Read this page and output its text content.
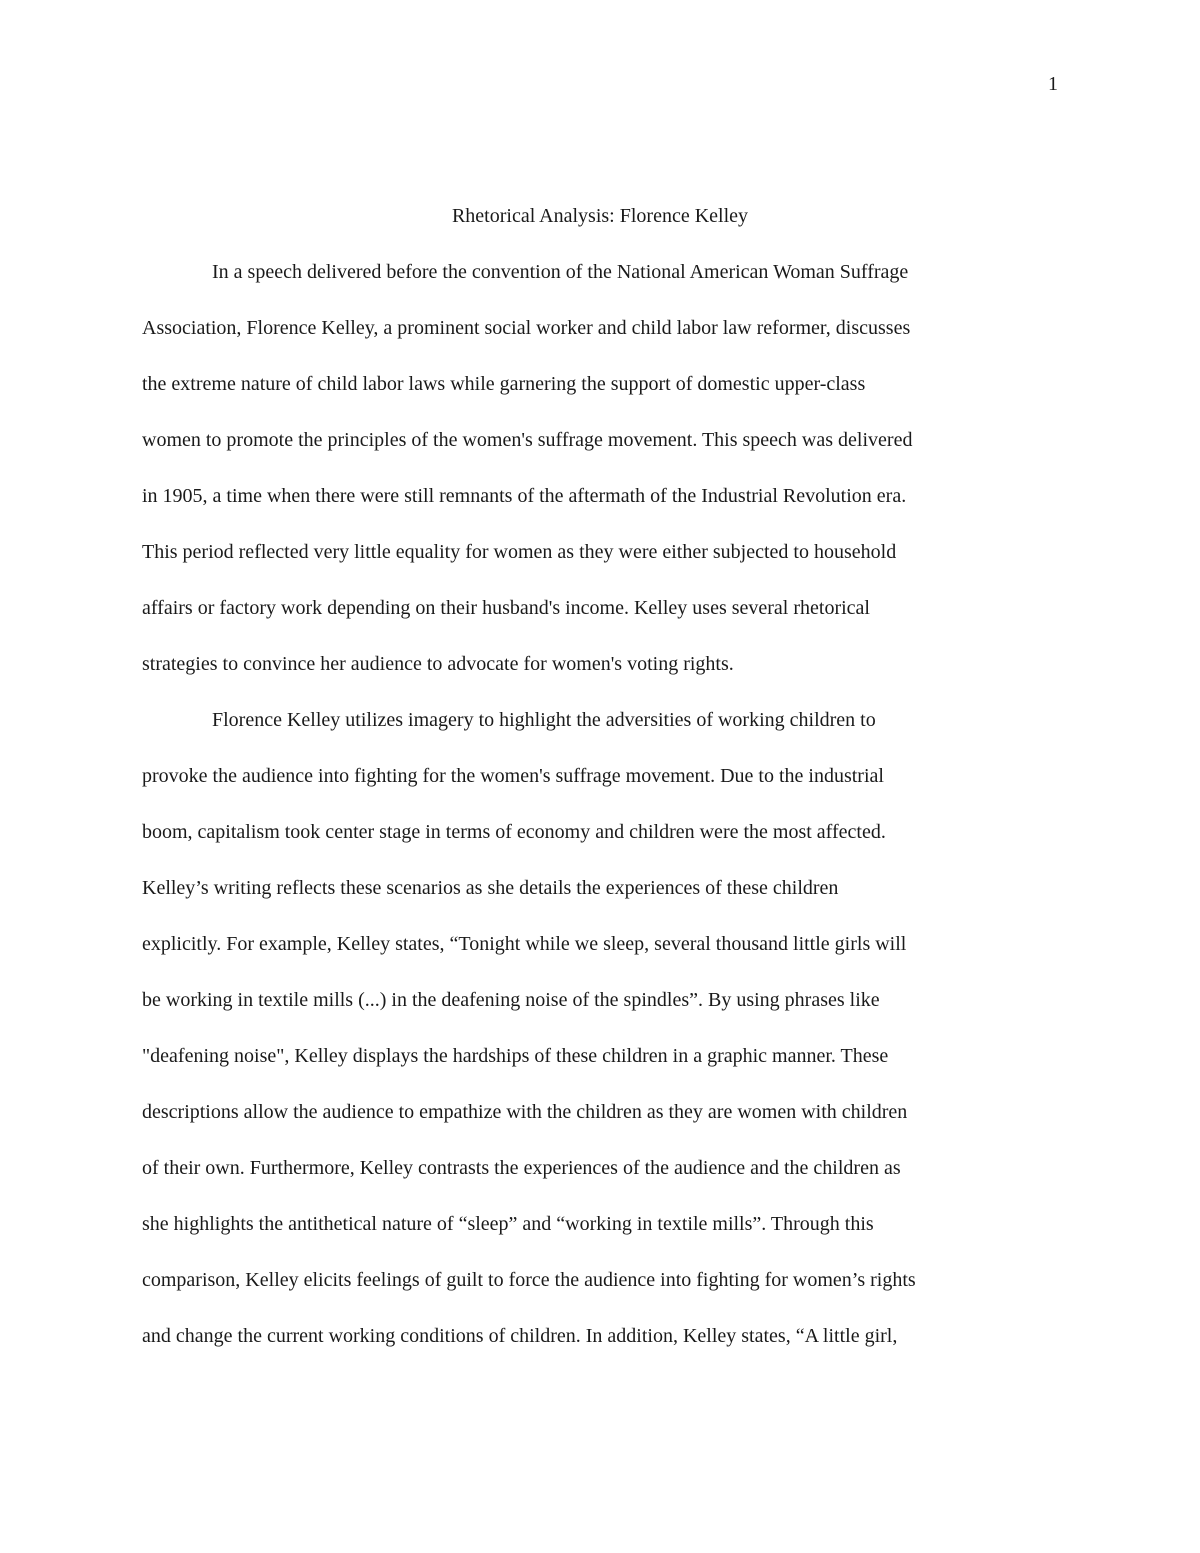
1
Rhetorical Analysis: Florence Kelley
In a speech delivered before the convention of the National American Woman Suffrage
Association, Florence Kelley, a prominent social worker and child labor law reformer, discusses
the extreme nature of child labor laws while garnering the support of domestic upper-class
women to promote the principles of the women's suffrage movement. This speech was delivered
in 1905, a time when there were still remnants of the aftermath of the Industrial Revolution era.
This period reflected very little equality for women as they were either subjected to household
affairs or factory work depending on their husband's income. Kelley uses several rhetorical
strategies to convince her audience to advocate for women's voting rights.
Florence Kelley utilizes imagery to highlight the adversities of working children to
provoke the audience into fighting for the women's suffrage movement. Due to the industrial
boom, capitalism took center stage in terms of economy and children were the most affected.
Kelley’s writing reflects these scenarios as she details the experiences of these children
explicitly. For example, Kelley states, “Tonight while we sleep, several thousand little girls will
be working in textile mills (...) in the deafening noise of the spindles”. By using phrases like
"deafening noise", Kelley displays the hardships of these children in a graphic manner. These
descriptions allow the audience to empathize with the children as they are women with children
of their own. Furthermore, Kelley contrasts the experiences of the audience and the children as
she highlights the antithetical nature of “sleep” and “working in textile mills”. Through this
comparison, Kelley elicits feelings of guilt to force the audience into fighting for women’s rights
and change the current working conditions of children. In addition, Kelley states, “A little girl,
